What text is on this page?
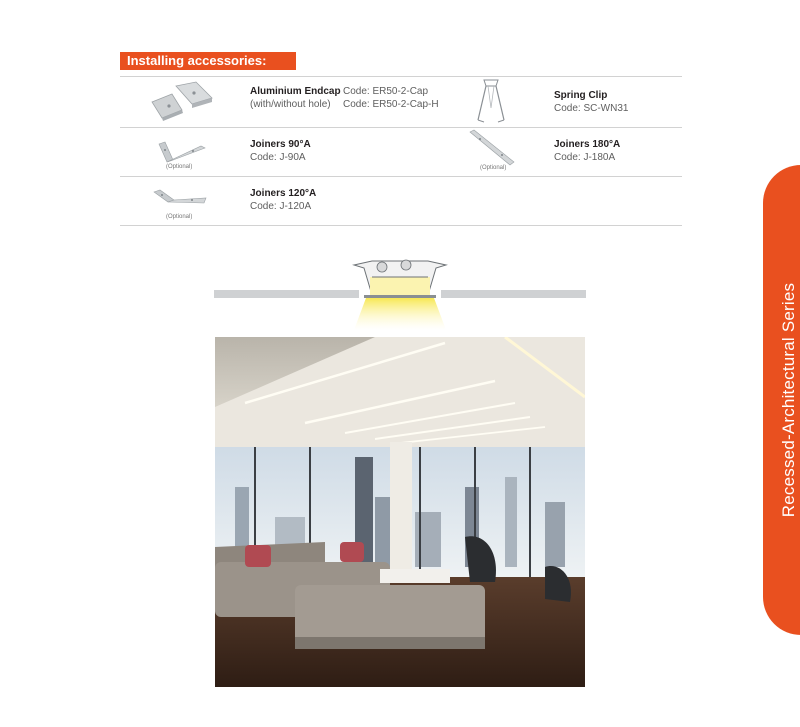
Installing accessories:
Aluminium Endcap
(with/without hole)
Code: ER50-2-Cap
Code: ER50-2-Cap-H
Spring Clip
Code: SC-WN31
(Optional)
Joiners 90°A
Code: J-90A
(Optional)
Joiners 180°A
Code: J-180A
(Optional)
Joiners 120°A
Code: J-120A
Recessed-Architectural Series
